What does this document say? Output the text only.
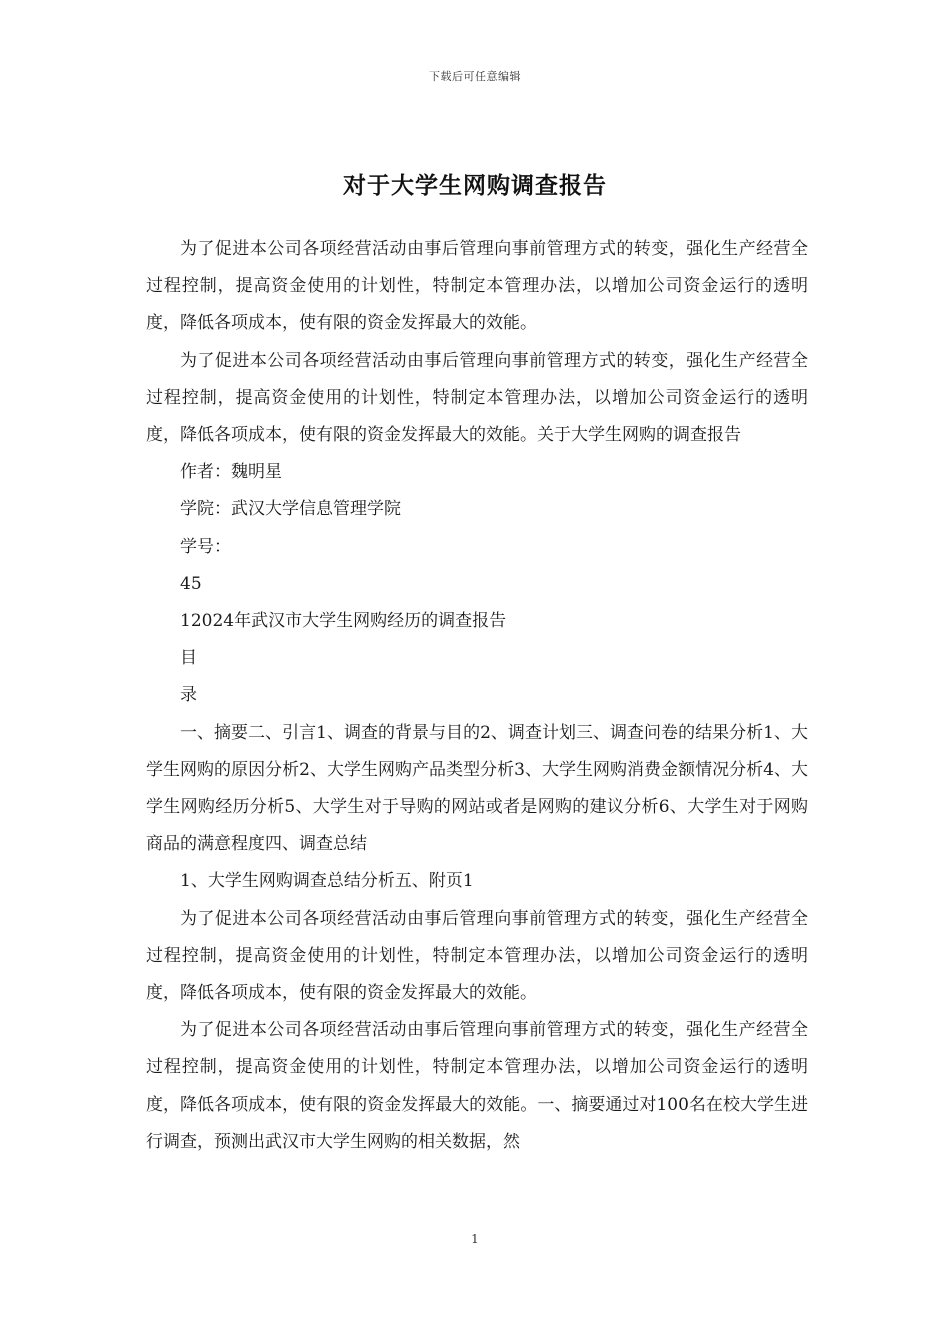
下载后可任意编辑
对于大学生网购调查报告

为了促进本公司各项经营活动由事后管理向事前管理方式的转变，强化生产经营全过程控制，提高资金使用的计划性，特制定本管理办法，以增加公司资金运行的透明度，降低各项成本，使有限的资金发挥最大的效能。

为了促进本公司各项经营活动由事后管理向事前管理方式的转变，强化生产经营全过程控制，提高资金使用的计划性，特制定本管理办法，以增加公司资金运行的透明度，降低各项成本，使有限的资金发挥最大的效能。关于大学生网购的调查报告

作者：魏明星

学院：武汉大学信息管理学院

学号：

45

12024年武汉市大学生网购经历的调查报告

目

录

一、摘要二、引言1、调查的背景与目的2、调查计划三、调查问卷的结果分析1、大学生网购的原因分析2、大学生网购产品类型分析3、大学生网购消费金额情况分析4、大学生网购经历分析5、大学生对于导购的网站或者是网购的建议分析6、大学生对于网购商品的满意程度四、调查总结

1、大学生网购调查总结分析五、附页1

为了促进本公司各项经营活动由事后管理向事前管理方式的转变，强化生产经营全过程控制，提高资金使用的计划性，特制定本管理办法，以增加公司资金运行的透明度，降低各项成本，使有限的资金发挥最大的效能。

为了促进本公司各项经营活动由事后管理向事前管理方式的转变，强化生产经营全过程控制，提高资金使用的计划性，特制定本管理办法，以增加公司资金运行的透明度，降低各项成本，使有限的资金发挥最大的效能。一、摘要通过对100名在校大学生进行调查，预测出武汉市大学生网购的相关数据，然

1
